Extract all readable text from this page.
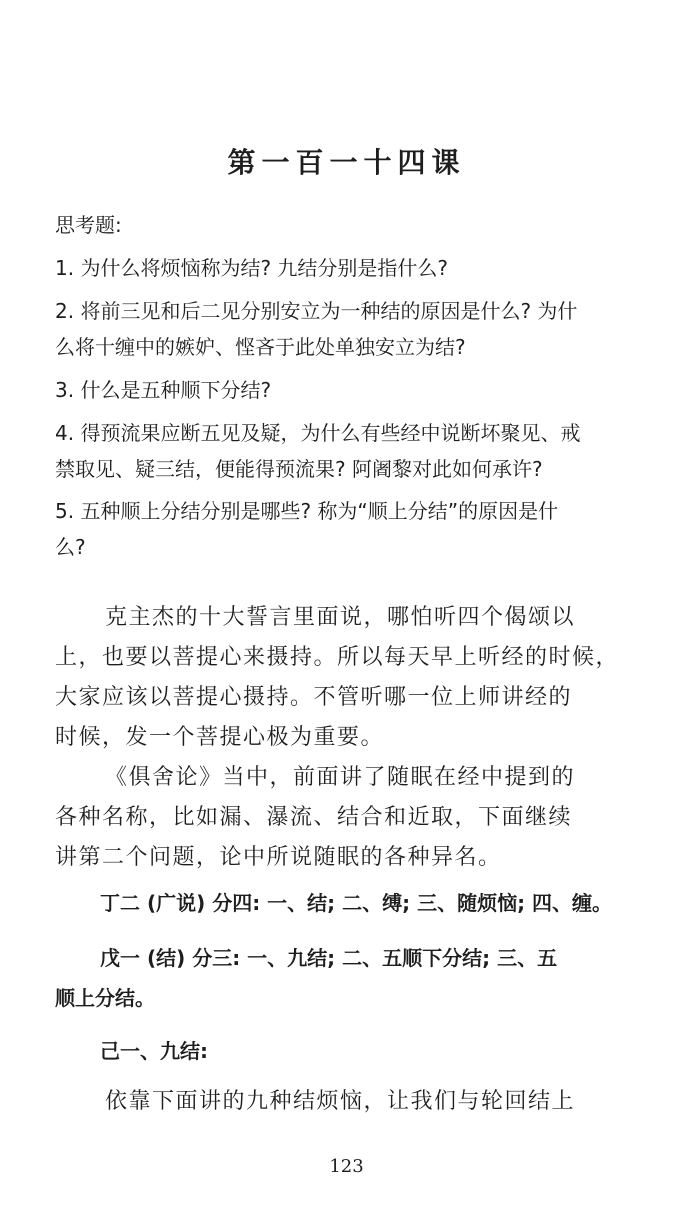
第一百一十四课
思考题:
1. 为什么将烦恼称为结? 九结分别是指什么?
2. 将前三见和后二见分别安立为一种结的原因是什么? 为什
么将十缠中的嫉妒、悭吝于此处单独安立为结?
3. 什么是五种顺下分结?
4. 得预流果应断五见及疑，为什么有些经中说断坏聚见、戒
禁取见、疑三结，便能得预流果? 阿阇黎对此如何承许?
5. 五种顺上分结分别是哪些? 称为“顺上分结”的原因是什
么?
克主杰的十大誓言里面说，哪怕听四个偈颂以
上，也要以菩提心来摄持。所以每天早上听经的时候，
大家应该以菩提心摄持。不管听哪一位上师讲经的
时候，发一个菩提心极为重要。
《俱舍论》当中，前面讲了随眠在经中提到的
各种名称，比如漏、瀑流、结合和近取，下面继续
讲第二个问题，论中所说随眠的各种异名。
丁二 (广说) 分四: 一、结; 二、缚; 三、随烦恼; 四、缠。
戊一 (结) 分三: 一、九结; 二、五顺下分结; 三、五
顺上分结。
己一、九结:
依靠下面讲的九种结烦恼，让我们与轮回结上
123
